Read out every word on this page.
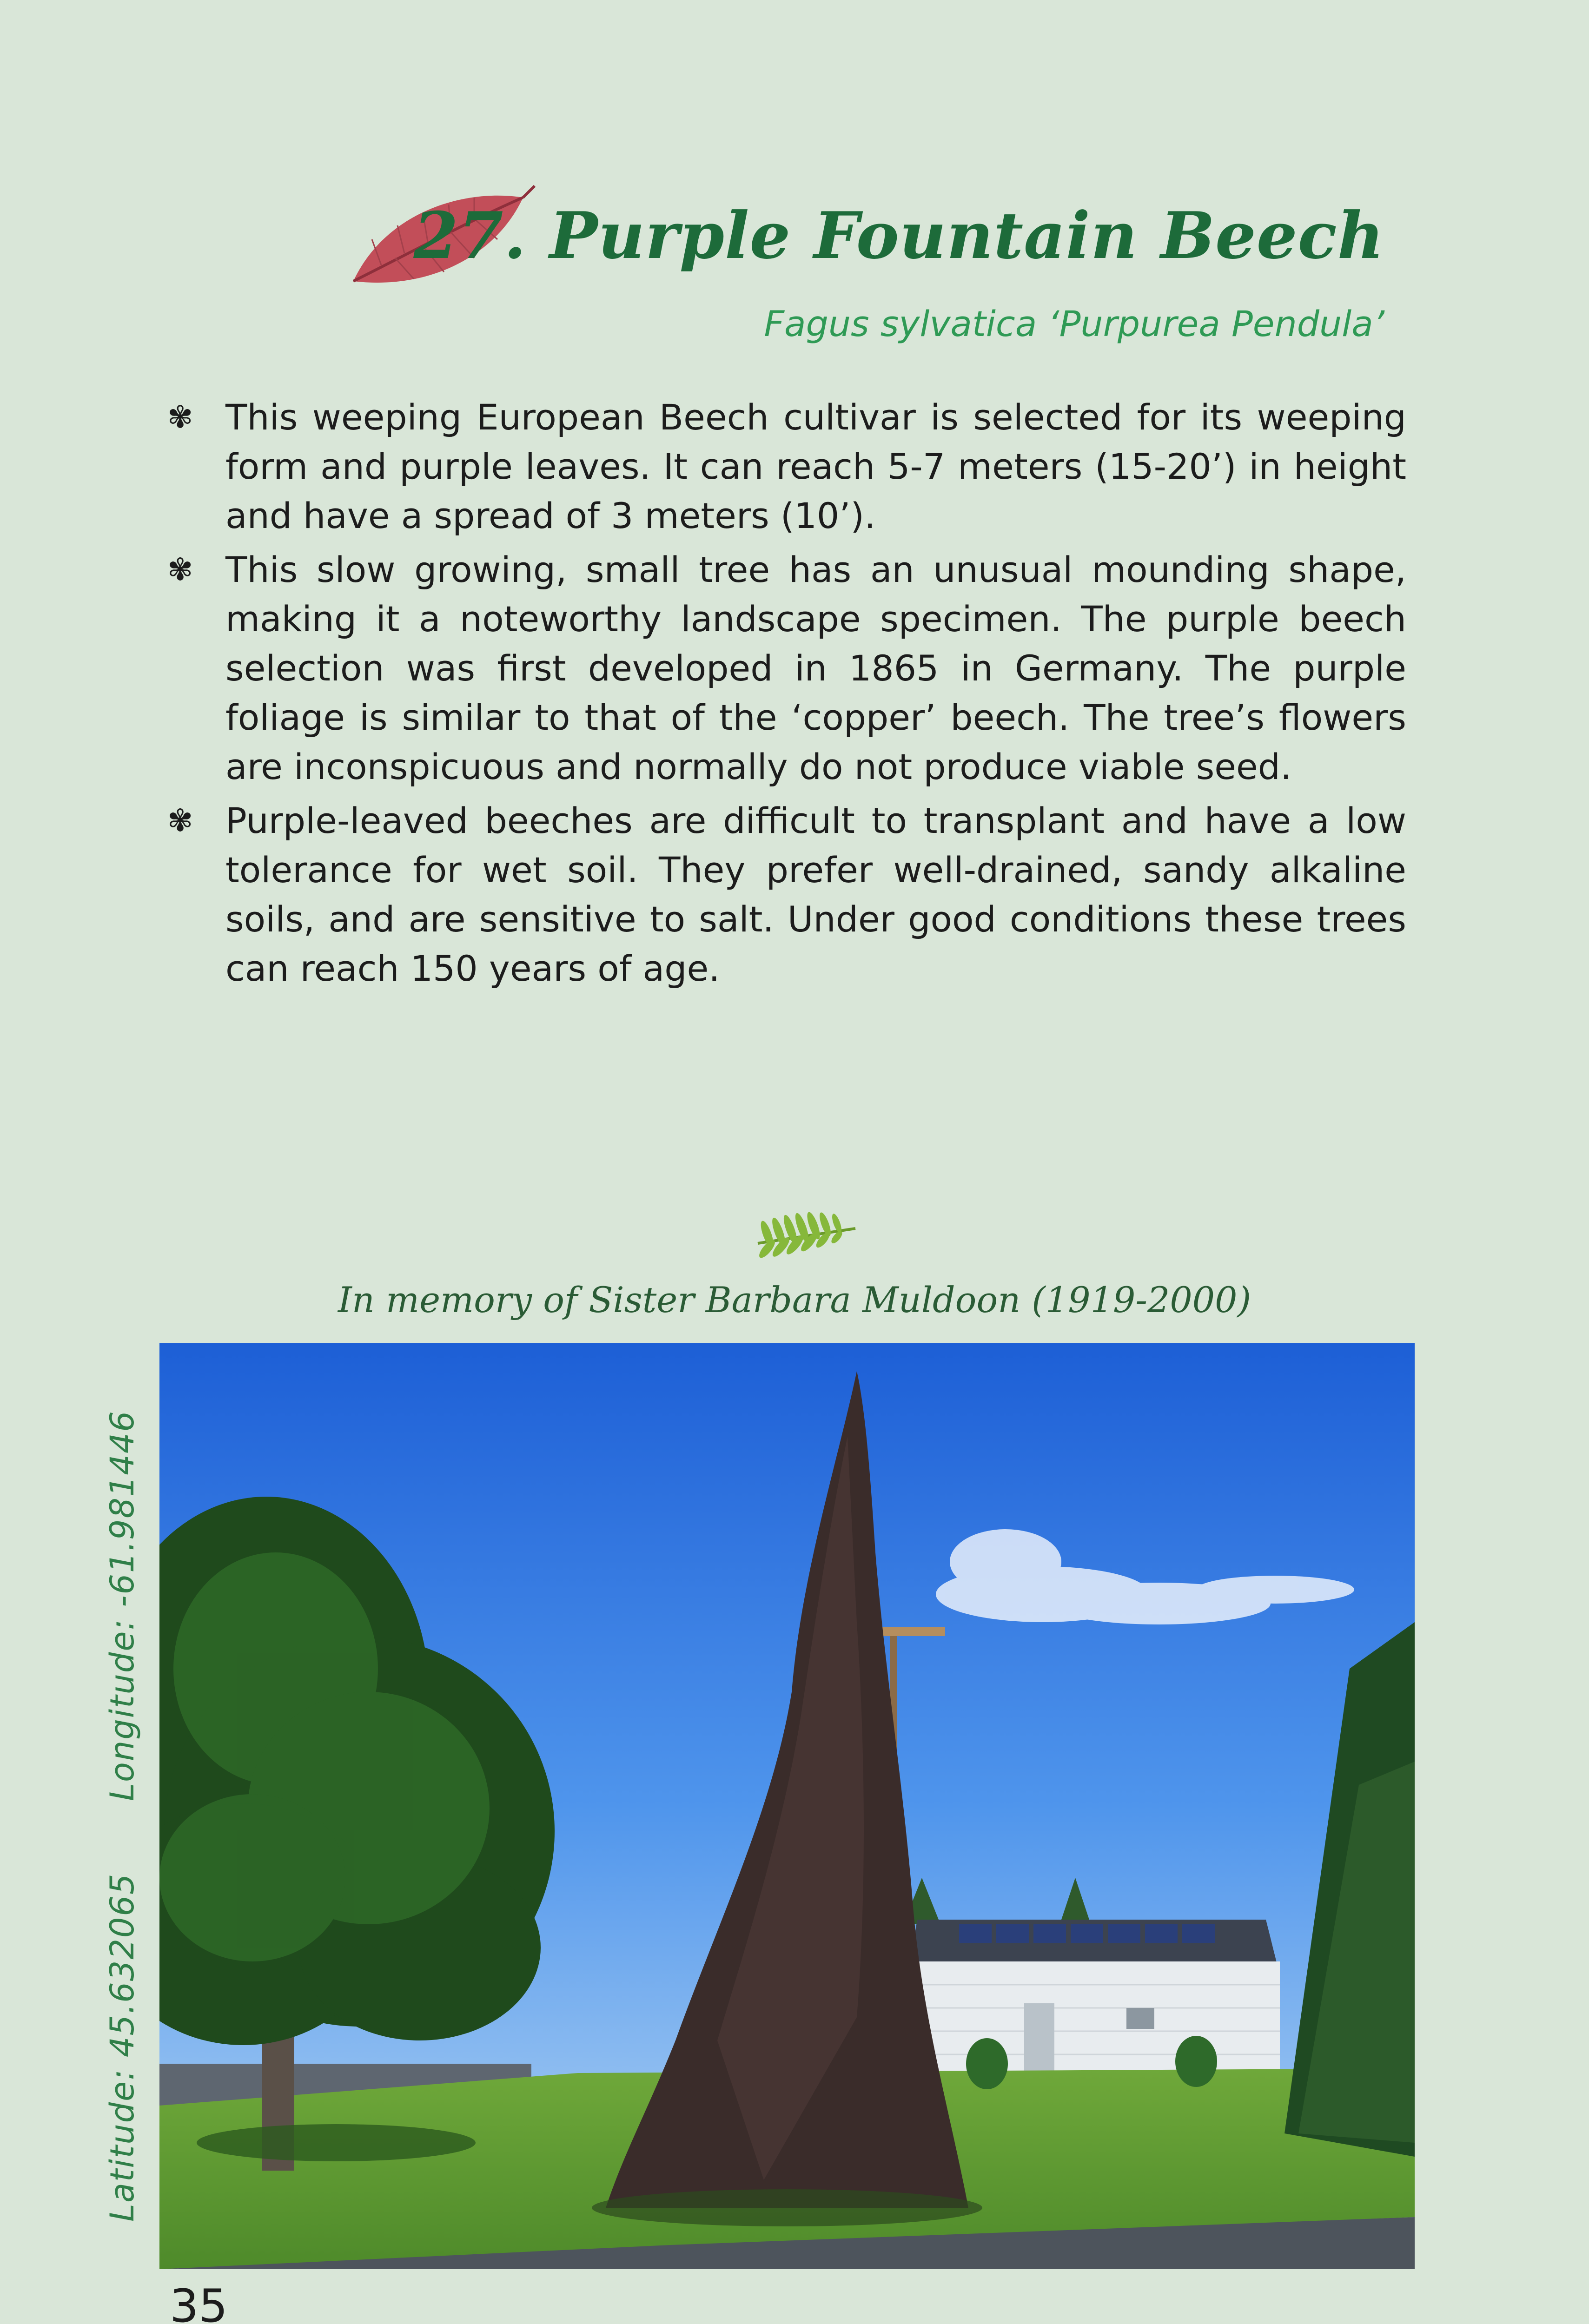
27. Purple Fountain Beech
Fagus sylvatica ‘Purpurea Pendula’
✾ This weeping European Beech cultivar is selected for its weeping form and purple leaves. It can reach 5-7 meters (15-20’) in height and have a spread of 3 meters (10’).
✾ This slow growing, small tree has an unusual mounding shape, making it a noteworthy landscape specimen. The purple beech selection was first developed in 1865 in Germany. The purple foliage is similar to that of the ‘copper’ beech. The tree’s flowers are inconspicuous and normally do not produce viable seed.
✾ Purple-leaved beeches are difficult to transplant and have a low tolerance for wet soil. They prefer well-drained, sandy alkaline soils, and are sensitive to salt. Under good conditions these trees can reach 150 years of age.
In memory of Sister Barbara Muldoon (1919-2000)
Longitude: -61.981446
Latitude: 45.632065
35
